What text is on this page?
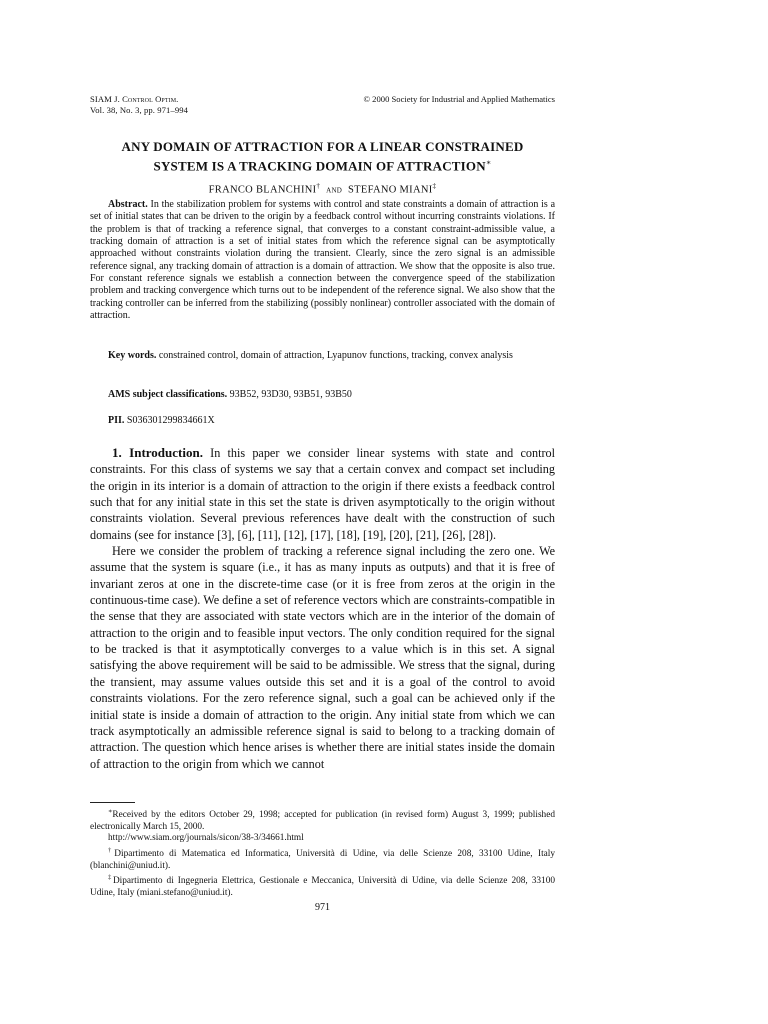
SIAM J. Control Optim.
Vol. 38, No. 3, pp. 971–994
© 2000 Society for Industrial and Applied Mathematics
ANY DOMAIN OF ATTRACTION FOR A LINEAR CONSTRAINED
SYSTEM IS A TRACKING DOMAIN OF ATTRACTION∗
FRANCO BLANCHINI† and STEFANO MIANI‡
Abstract. In the stabilization problem for systems with control and state constraints a domain of attraction is a set of initial states that can be driven to the origin by a feedback control without incurring constraints violations. If the problem is that of tracking a reference signal, that converges to a constant constraint-admissible value, a tracking domain of attraction is a set of initial states from which the reference signal can be asymptotically approached without constraints violation during the transient. Clearly, since the zero signal is an admissible reference signal, any tracking domain of attraction is a domain of attraction. We show that the opposite is also true. For constant reference signals we establish a connection between the convergence speed of the stabilization problem and tracking convergence which turns out to be independent of the reference signal. We also show that the tracking controller can be inferred from the stabilizing (possibly nonlinear) controller associated with the domain of attraction.
Key words. constrained control, domain of attraction, Lyapunov functions, tracking, convex analysis
AMS subject classifications. 93B52, 93D30, 93B51, 93B50
PII. S036301299834661X

1. Introduction. In this paper we consider linear systems with state and control constraints. For this class of systems we say that a certain convex and compact set including the origin in its interior is a domain of attraction to the origin if there exists a feedback control such that for any initial state in this set the state is driven asymptotically to the origin without constraints violation. Several previous references have dealt with the construction of such domains (see for instance [3], [6], [11], [12], [17], [18], [19], [20], [21], [26], [28]).

Here we consider the problem of tracking a reference signal including the zero one. We assume that the system is square (i.e., it has as many inputs as outputs) and that it is free of invariant zeros at one in the discrete-time case (or it is free from zeros at the origin in the continuous-time case). We define a set of reference vectors which are constraints-compatible in the sense that they are associated with state vectors which are in the interior of the domain of attraction to the origin and to feasible input vectors. The only condition required for the signal to be tracked is that it asymptotically converges to a value which is in this set. A signal satisfying the above requirement will be said to be admissible. We stress that the signal, during the transient, may assume values outside this set and it is a goal of the control to avoid constraints violations. For the zero reference signal, such a goal can be achieved only if the initial state is inside a domain of attraction to the origin. Any initial state from which we can track asymptotically an admissible reference signal is said to belong to a tracking domain of attraction. The question which hence arises is whether there are initial states inside the domain of attraction to the origin from which we cannot

∗Received by the editors October 29, 1998; accepted for publication (in revised form) August 3, 1999; published electronically March 15, 2000.

http://www.siam.org/journals/sicon/38-3/34661.html

†Dipartimento di Matematica ed Informatica, Università di Udine, via delle Scienze 208, 33100 Udine, Italy (blanchini@uniud.it).

‡Dipartimento di Ingegneria Elettrica, Gestionale e Meccanica, Università di Udine, via delle Scienze 208, 33100 Udine, Italy (miani.stefano@uniud.it).

971
